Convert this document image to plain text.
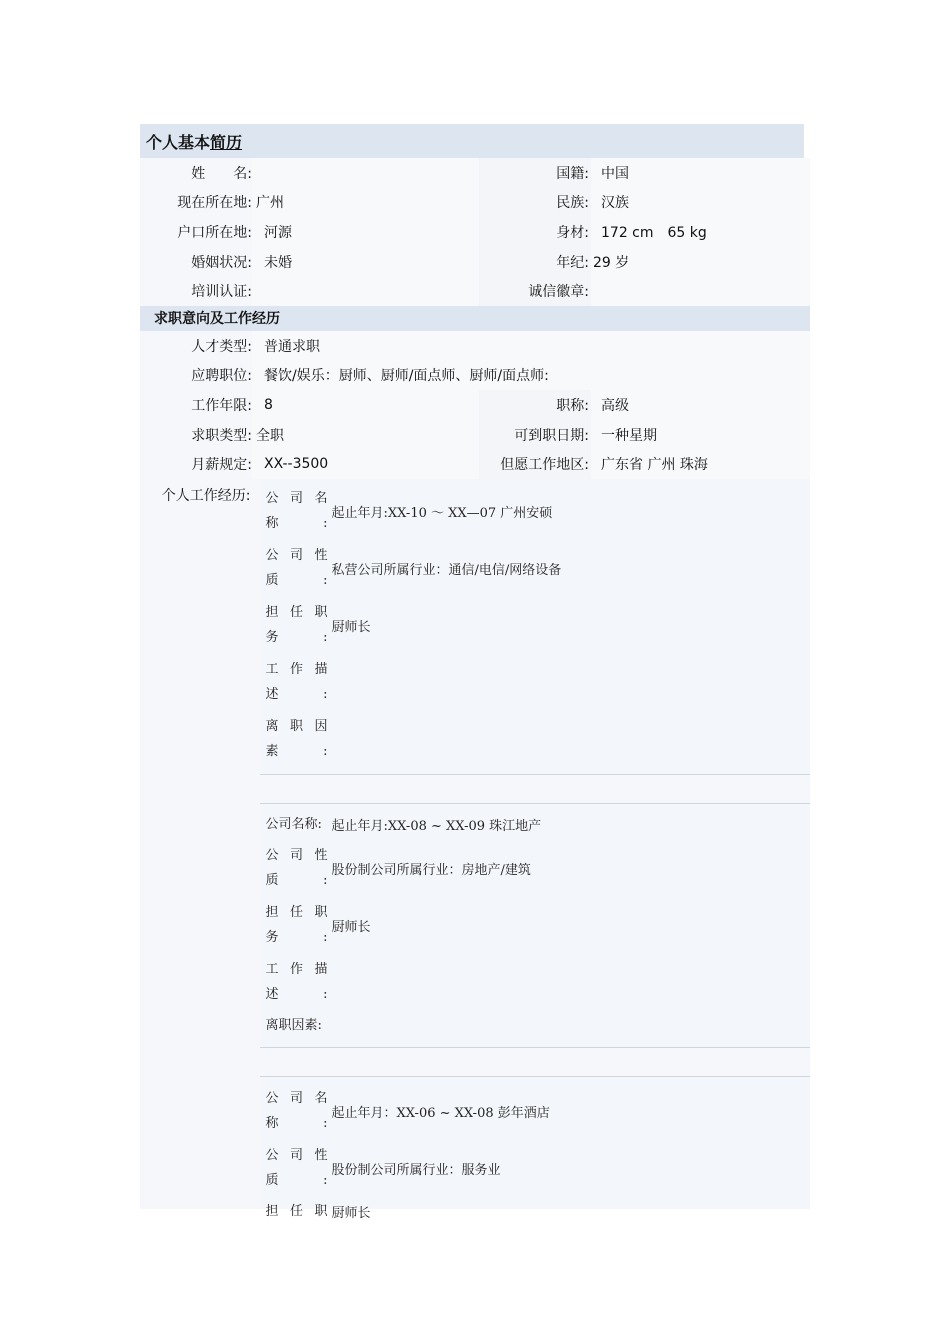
个人基本 简历
姓　　名:	国籍: 中国
现在所在地: 广州	民族: 汉族
户口所在地: 河源	身材: 172 cm　65 kg
婚姻状况: 未婚	年纪: 29 岁
培训认证:	诚信徽章:
求职意向及工作经历
人才类型: 普通求职
应聘职位: 餐饮/娱乐：厨师、厨师/面点师、厨师/面点师:
工作年限: 8	职称: 高级
求职类型: 全职	可到职日期: 一种星期
月薪规定: XX--3500	但愿工作地区: 广东省 广州 珠海
个人工作经历:	公 司 名称:
起止年月:XX-10 ～ XX—07 广州安硕
公 司 性质:
私营公司所属行业：通信/电信/网络设备
担 任 职务:
厨师长
工 作 描述:
离 职 因素:
公司名称: 起止年月:XX-08 ~ XX-09 珠江地产
公 司 性质:
股份制公司所属行业：房地产/建筑
担 任 职务:
厨师长
工 作 描述:
离职因素:
公 司 名称:
起止年月：XX-06 ~ XX-08 彭年酒店
公 司 性质:
股份制公司所属行业：服务业
担 任 职 厨师长
